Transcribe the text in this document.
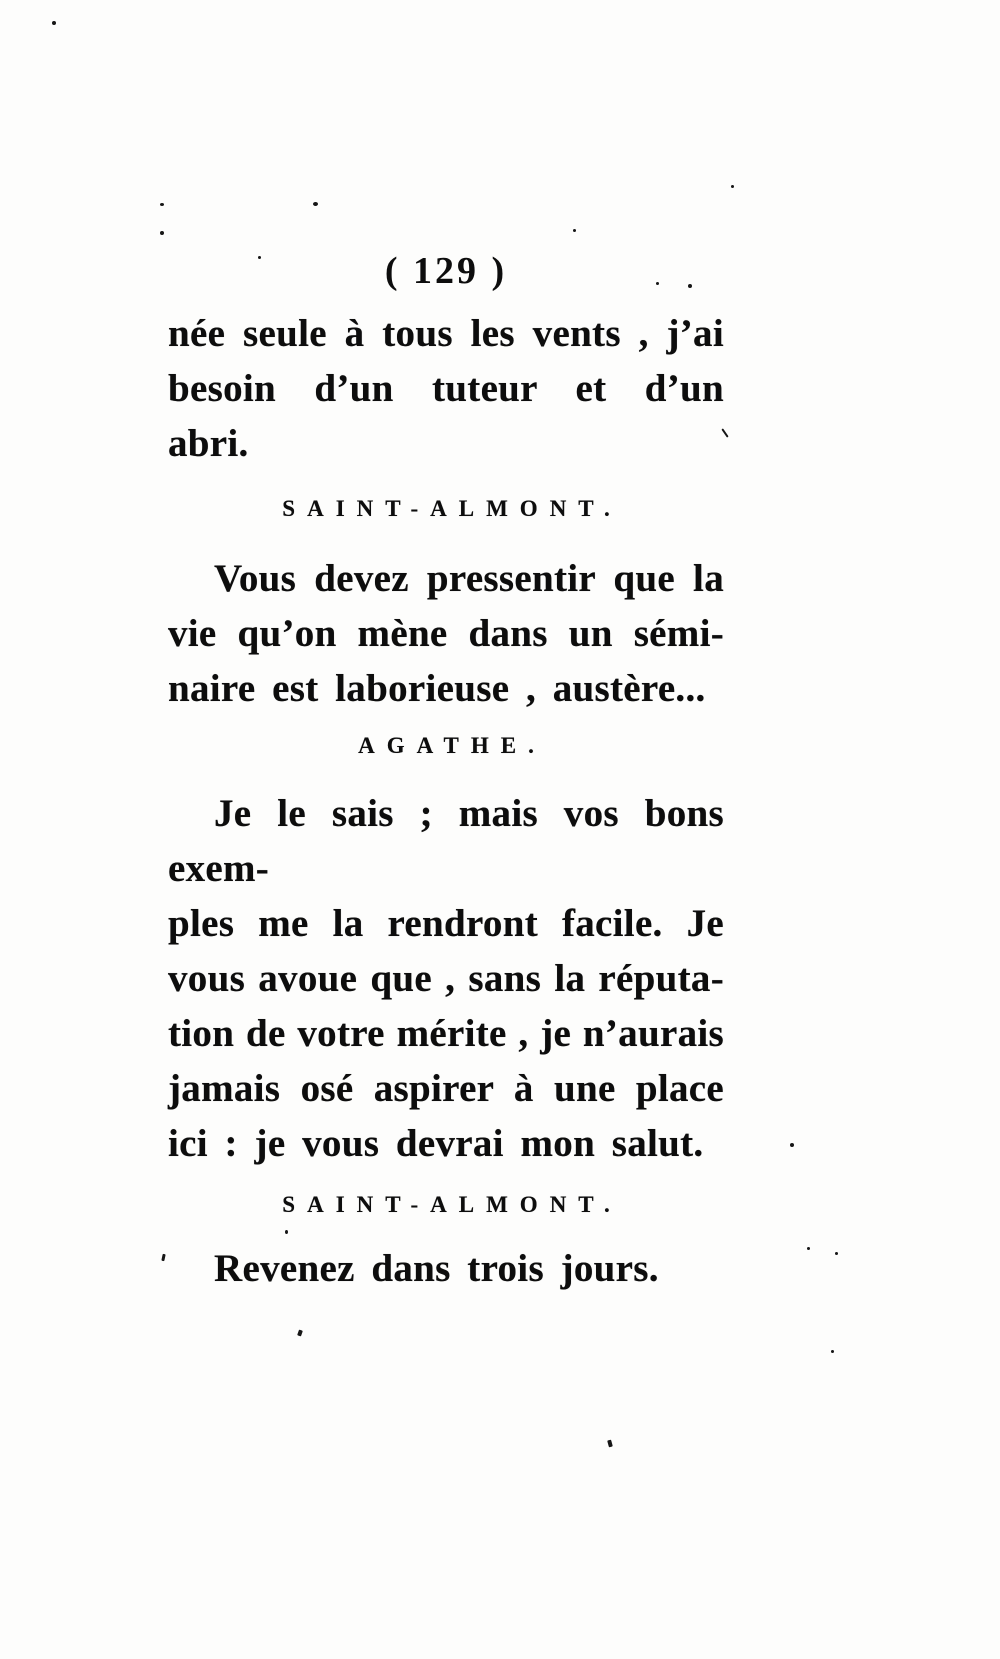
( 129 )

née seule à tous les vents , j’ai
besoin d’un tuteur et d’un abri.

SAINT-ALMONT.

Vous devez pressentir que la
vie qu’on mène dans un sémi-
naire est laborieuse , austère...

AGATHE.

Je le sais ; mais vos bons exem-
ples me la rendront facile. Je
vous avoue que , sans la réputa-
tion de votre mérite , je n’aurais
jamais osé aspirer à une place
ici : je vous devrai mon salut.

SAINT-ALMONT.

Revenez dans trois jours.
